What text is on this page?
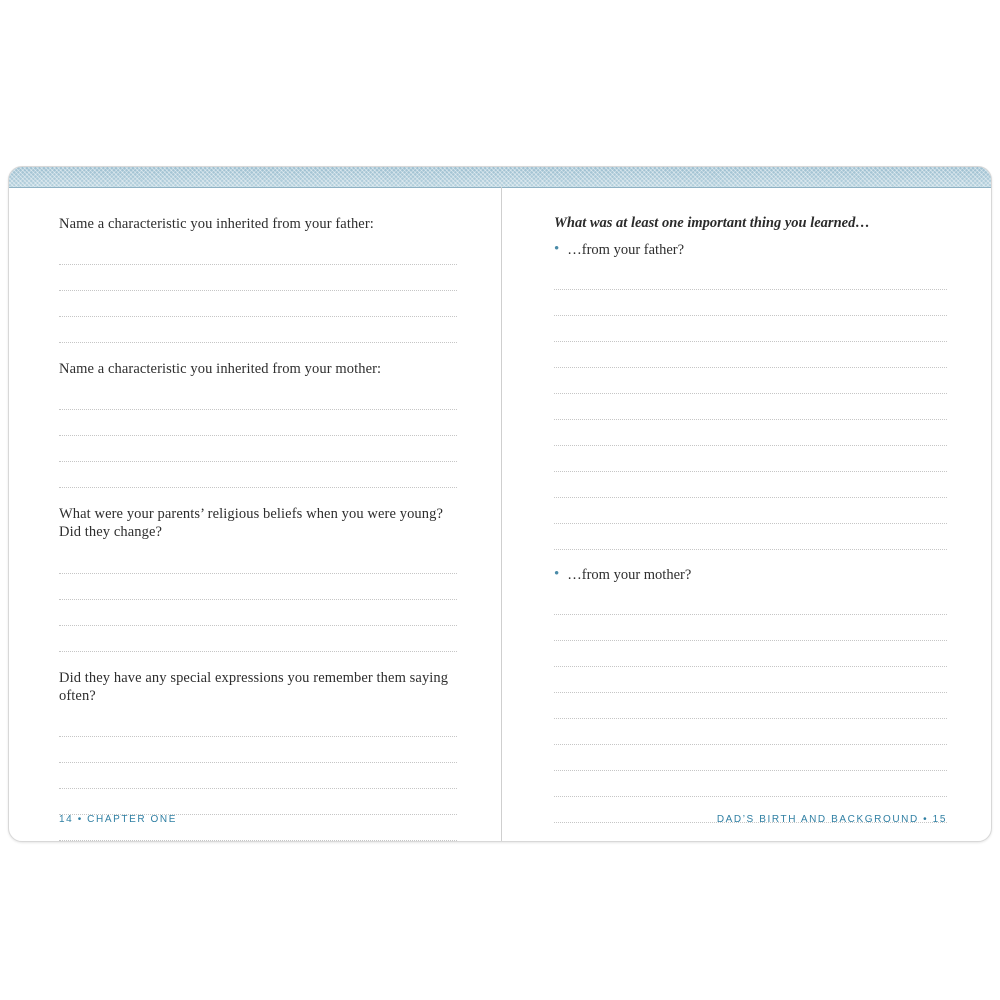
Name a characteristic you inherited from your father:

Name a characteristic you inherited from your mother:

What were your parents’ religious beliefs when you were young? Did they change?

Did they have any special expressions you remember them saying often?

14 • CHAPTER ONE

What was at least one important thing you learned…

• …from your father?
• …from your mother?
DAD’S BIRTH AND BACKGROUND • 15
